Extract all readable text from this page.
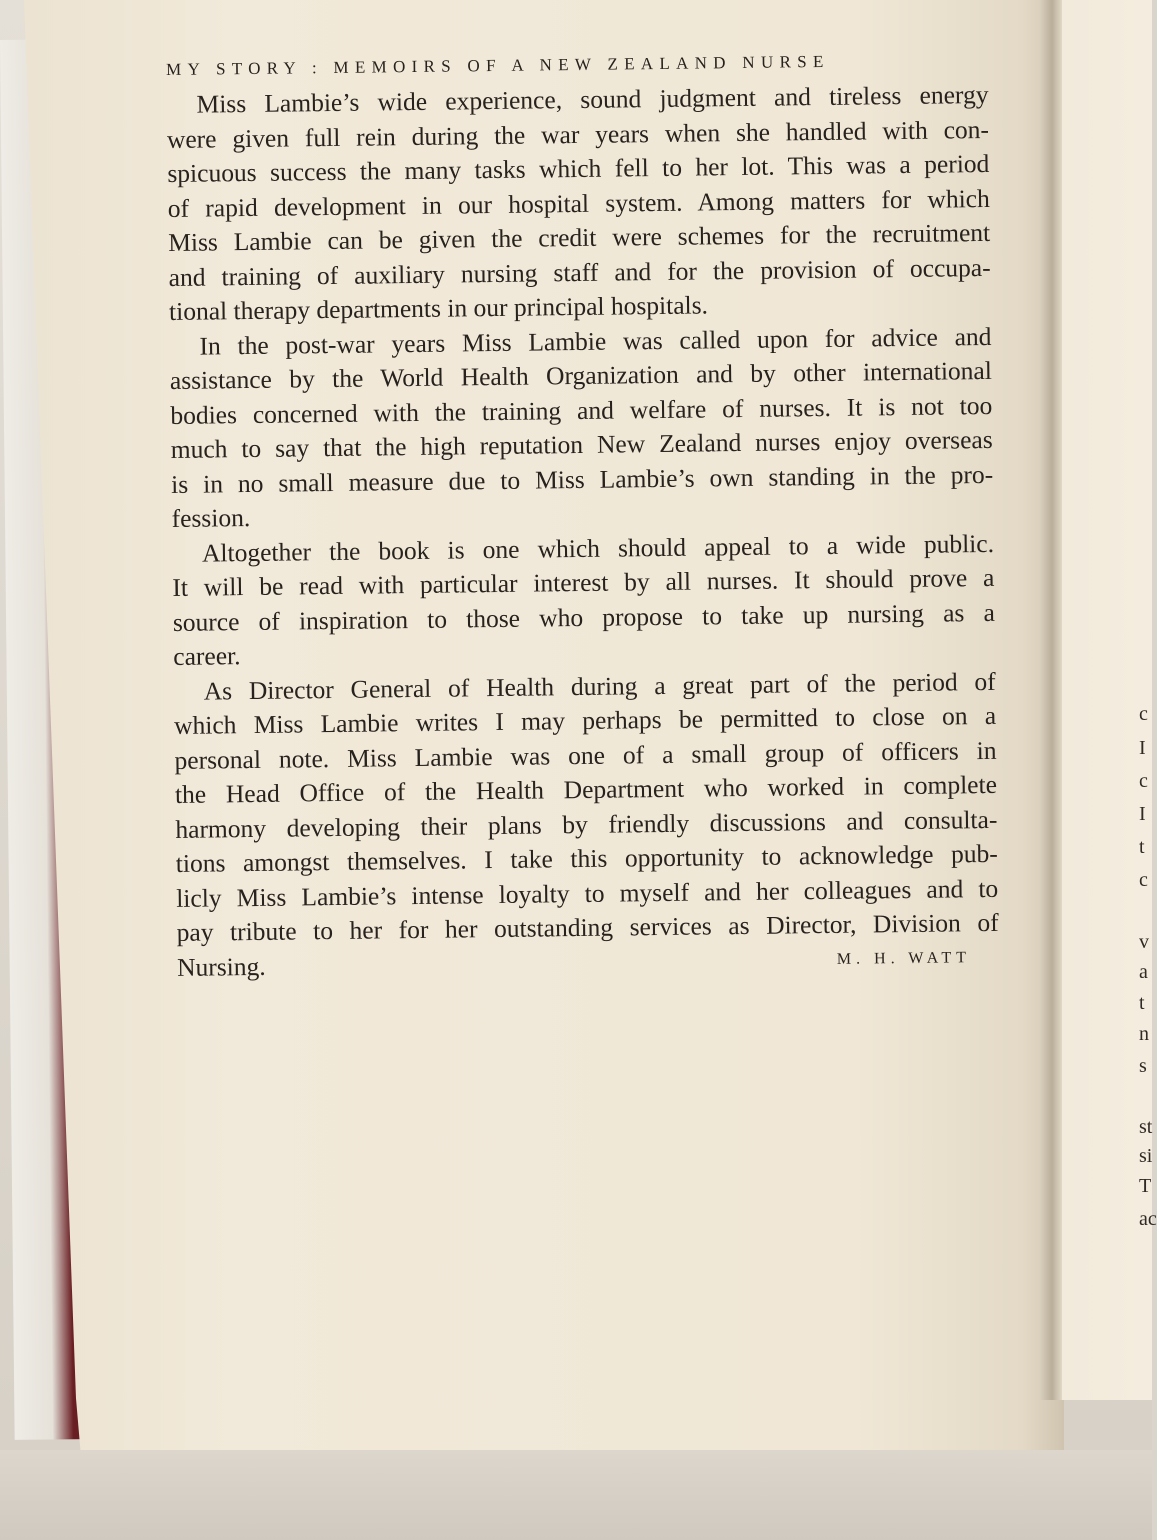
c
I
c
I
t
c
v
a
t
n
s
st
si
T
ac
MY STORY : MEMOIRS OF A NEW ZEALAND NURSE

Miss Lambie’s wide experience, sound judgment and tireless energy
were given full rein during the war years when she handled with con-
spicuous success the many tasks which fell to her lot. This was a period
of rapid development in our hospital system. Among matters for which
Miss Lambie can be given the credit were schemes for the recruitment
and training of auxiliary nursing staff and for the provision of occupa-
tional therapy departments in our principal hospitals.

In the post-war years Miss Lambie was called upon for advice and
assistance by the World Health Organization and by other international
bodies concerned with the training and welfare of nurses. It is not too
much to say that the high reputation New Zealand nurses enjoy overseas
is in no small measure due to Miss Lambie’s own standing in the pro-
fession.

Altogether the book is one which should appeal to a wide public.
It will be read with particular interest by all nurses. It should prove a
source of inspiration to those who propose to take up nursing as a
career.

As Director General of Health during a great part of the period of
which Miss Lambie writes I may perhaps be permitted to close on a
personal note. Miss Lambie was one of a small group of officers in
the Head Office of the Health Department who worked in complete
harmony developing their plans by friendly discussions and consulta-
tions amongst themselves. I take this opportunity to acknowledge pub-
licly Miss Lambie’s intense loyalty to myself and her colleagues and to
pay tribute to her for her outstanding services as Director, Division of
Nursing.	M. H. WATT
